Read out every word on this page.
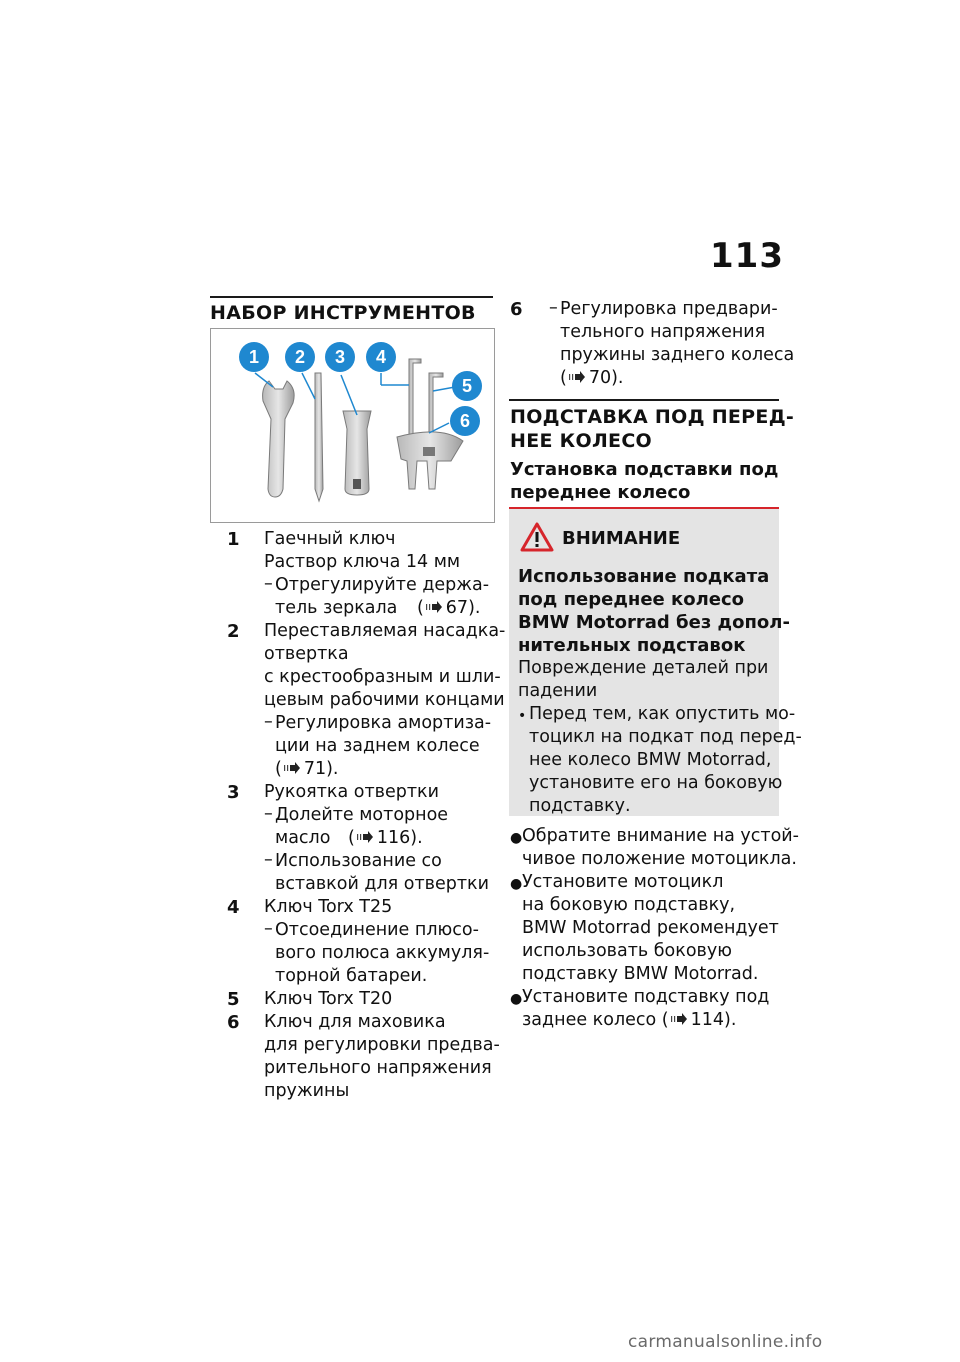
113
НАБОР ИНСТРУМЕНТОВ
1 2 3 4
5
6
1 Гаечный ключ
Раствор ключа 14 мм
– Отрегулируйте держа-
тель зеркала ( 67).
2 Переставляемая насадка-
отвертка
с крестообразным и шли-
цевым рабочими концами
– Регулировка амортиза-
ции на заднем колесе
( 71).
3 Рукоятка отвертки
– Долейте моторное
масло ( 116).
– Использование со
вставкой для отвертки
4 Ключ Torx T25
– Отсоединение плюсо-
вого полюса аккумуля-
торной батареи.
5 Ключ Torx T20
6 Ключ для маховика
для регулировки предва-
рительного напряжения
пружины
6 – Регулировка предвари-
тельного напряжения
пружины заднего колеса
( 70).
ПОДСТАВКА ПОД ПЕРЕД-
НЕЕ КОЛЕСО
Установка подставки под
переднее колесо
ВНИМАНИЕ
Использование подката
под переднее колесо
BMW Motorrad без допол-
нительных подставок
Повреждение деталей при
падении
• Перед тем, как опустить мо-
тоцикл на подкат под перед-
нее колесо BMW Motorrad,
установите его на боковую
подставку.
● Обратите внимание на устой-
чивое положение мотоцикла.
● Установите мотоцикл
на боковую подставку,
BMW Motorrad рекомендует
использовать боковую
подставку BMW Motorrad.
● Установите подставку под
заднее колесо ( 114).
carmanualsonline.info
